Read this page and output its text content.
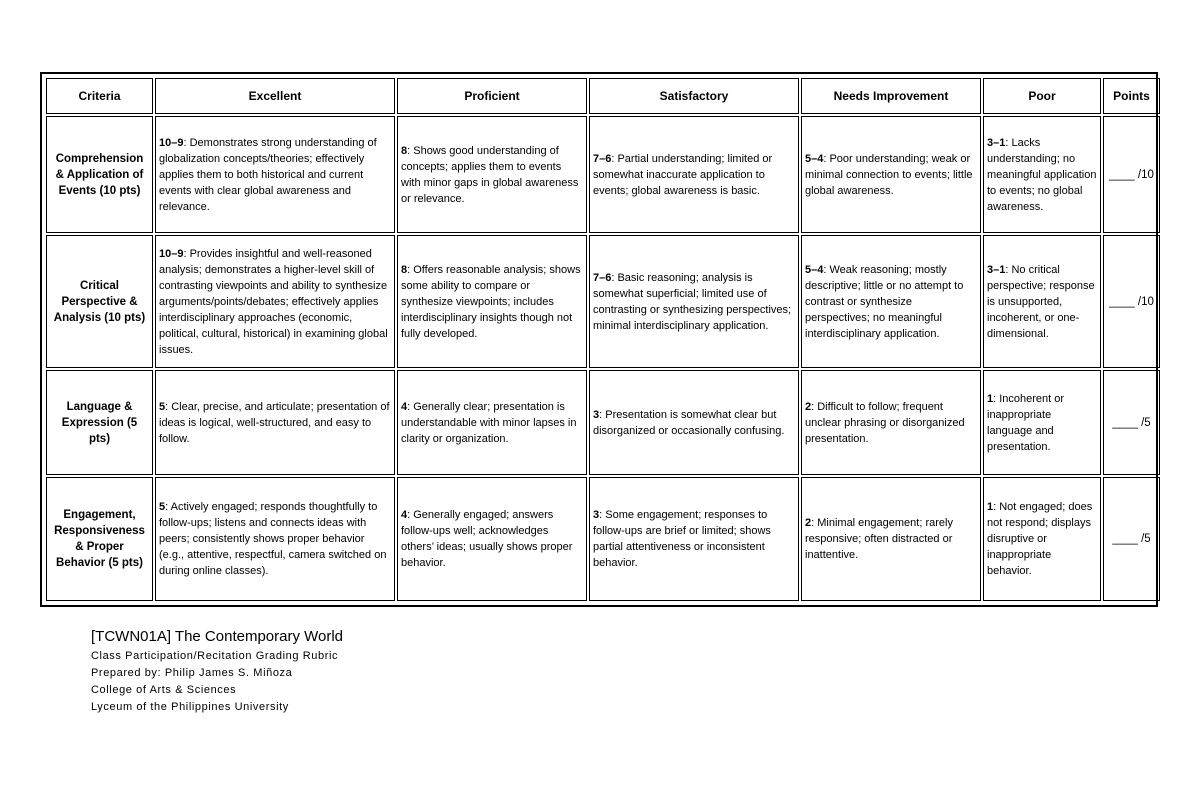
Criteria	Excellent	Proficient	Satisfactory	Needs Improvement	Poor	Points
Comprehension & Application of Events (10 pts)	10–9: Demonstrates strong understanding of globalization concepts/theories; effectively applies them to both historical and current events with clear global awareness and relevance.	8: Shows good understanding of concepts; applies them to events with minor gaps in global awareness or relevance.	7–6: Partial understanding; limited or somewhat inaccurate application to events; global awareness is basic.	5–4: Poor understanding; weak or minimal connection to events; little global awareness.	3–1: Lacks understanding; no meaningful application to events; no global awareness.	____ /10
Critical Perspective & Analysis (10 pts)	10–9: Provides insightful and well-reasoned analysis; demonstrates a higher-level skill of contrasting viewpoints and ability to synthesize arguments/points/debates; effectively applies interdisciplinary approaches (economic, political, cultural, historical) in examining global issues.	8: Offers reasonable analysis; shows some ability to compare or synthesize viewpoints; includes interdisciplinary insights though not fully developed.	7–6: Basic reasoning; analysis is somewhat superficial; limited use of contrasting or synthesizing perspectives; minimal interdisciplinary application.	5–4: Weak reasoning; mostly descriptive; little or no attempt to contrast or synthesize perspectives; no meaningful interdisciplinary application.	3–1: No critical perspective; response is unsupported, incoherent, or one-dimensional.	____ /10
Language & Expression (5 pts)	5: Clear, precise, and articulate; presentation of ideas is logical, well-structured, and easy to follow.	4: Generally clear; presentation is understandable with minor lapses in clarity or organization.	3: Presentation is somewhat clear but disorganized or occasionally confusing.	2: Difficult to follow; frequent unclear phrasing or disorganized presentation.	1: Incoherent or inappropriate language and presentation.	____ /5
Engagement, Responsiveness & Proper Behavior (5 pts)	5: Actively engaged; responds thoughtfully to follow-ups; listens and connects ideas with peers; consistently shows proper behavior (e.g., attentive, respectful, camera switched on during online classes).	4: Generally engaged; answers follow-ups well; acknowledges others’ ideas; usually shows proper behavior.	3: Some engagement; responses to follow-ups are brief or limited; shows partial attentiveness or inconsistent behavior.	2: Minimal engagement; rarely responsive; often distracted or inattentive.	1: Not engaged; does not respond; displays disruptive or inappropriate behavior.	____ /5
[TCWN01A] The Contemporary World
Class Participation/Recitation Grading Rubric
Prepared by: Philip James S. Miñoza
College of Arts & Sciences
Lyceum of the Philippines University
